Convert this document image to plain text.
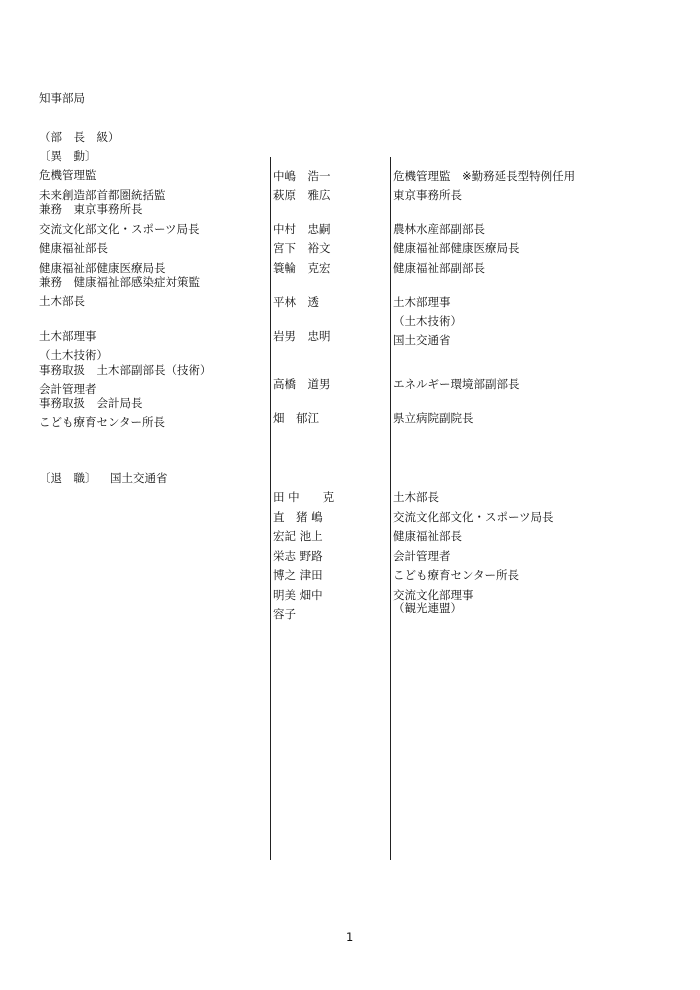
知事部局
（部　長　級）
〔異　動〕
危機管理監
未来創造部首都圏統括監
兼務　東京事務所長
交流文化部文化・スポーツ局長
健康福祉部長
健康福祉部健康医療局長
兼務　健康福祉部感染症対策監
土木部長
土木部理事
（土木技術）
事務取扱　土木部副部長（技術）
会計管理者
事務取扱　会計局長
こども療育センター所長
中嶋　浩一
萩原　雅広
中村　忠嗣
宮下　裕文
簑輪　克宏
平林　透
岩男　忠明
高橋　道男
畑　郁江
危機管理監　※勤務延長型特例任用
東京事務所長
農林水産部副部長
健康福祉部健康医療局長
健康福祉部副部長
土木部理事
（土木技術）
国土交通省
エネルギー環境部副部長
県立病院副院長
〔退　職〕 国土交通省
田 中　　克
直　猪 嶋
宏記 池上
栄志 野路
博之 津田
明美 畑中
容子
土木部長
交流文化部文化・スポーツ局長
健康福祉部長
会計管理者
こども療育センター所長
交流文化部理事
（観光連盟）
1
